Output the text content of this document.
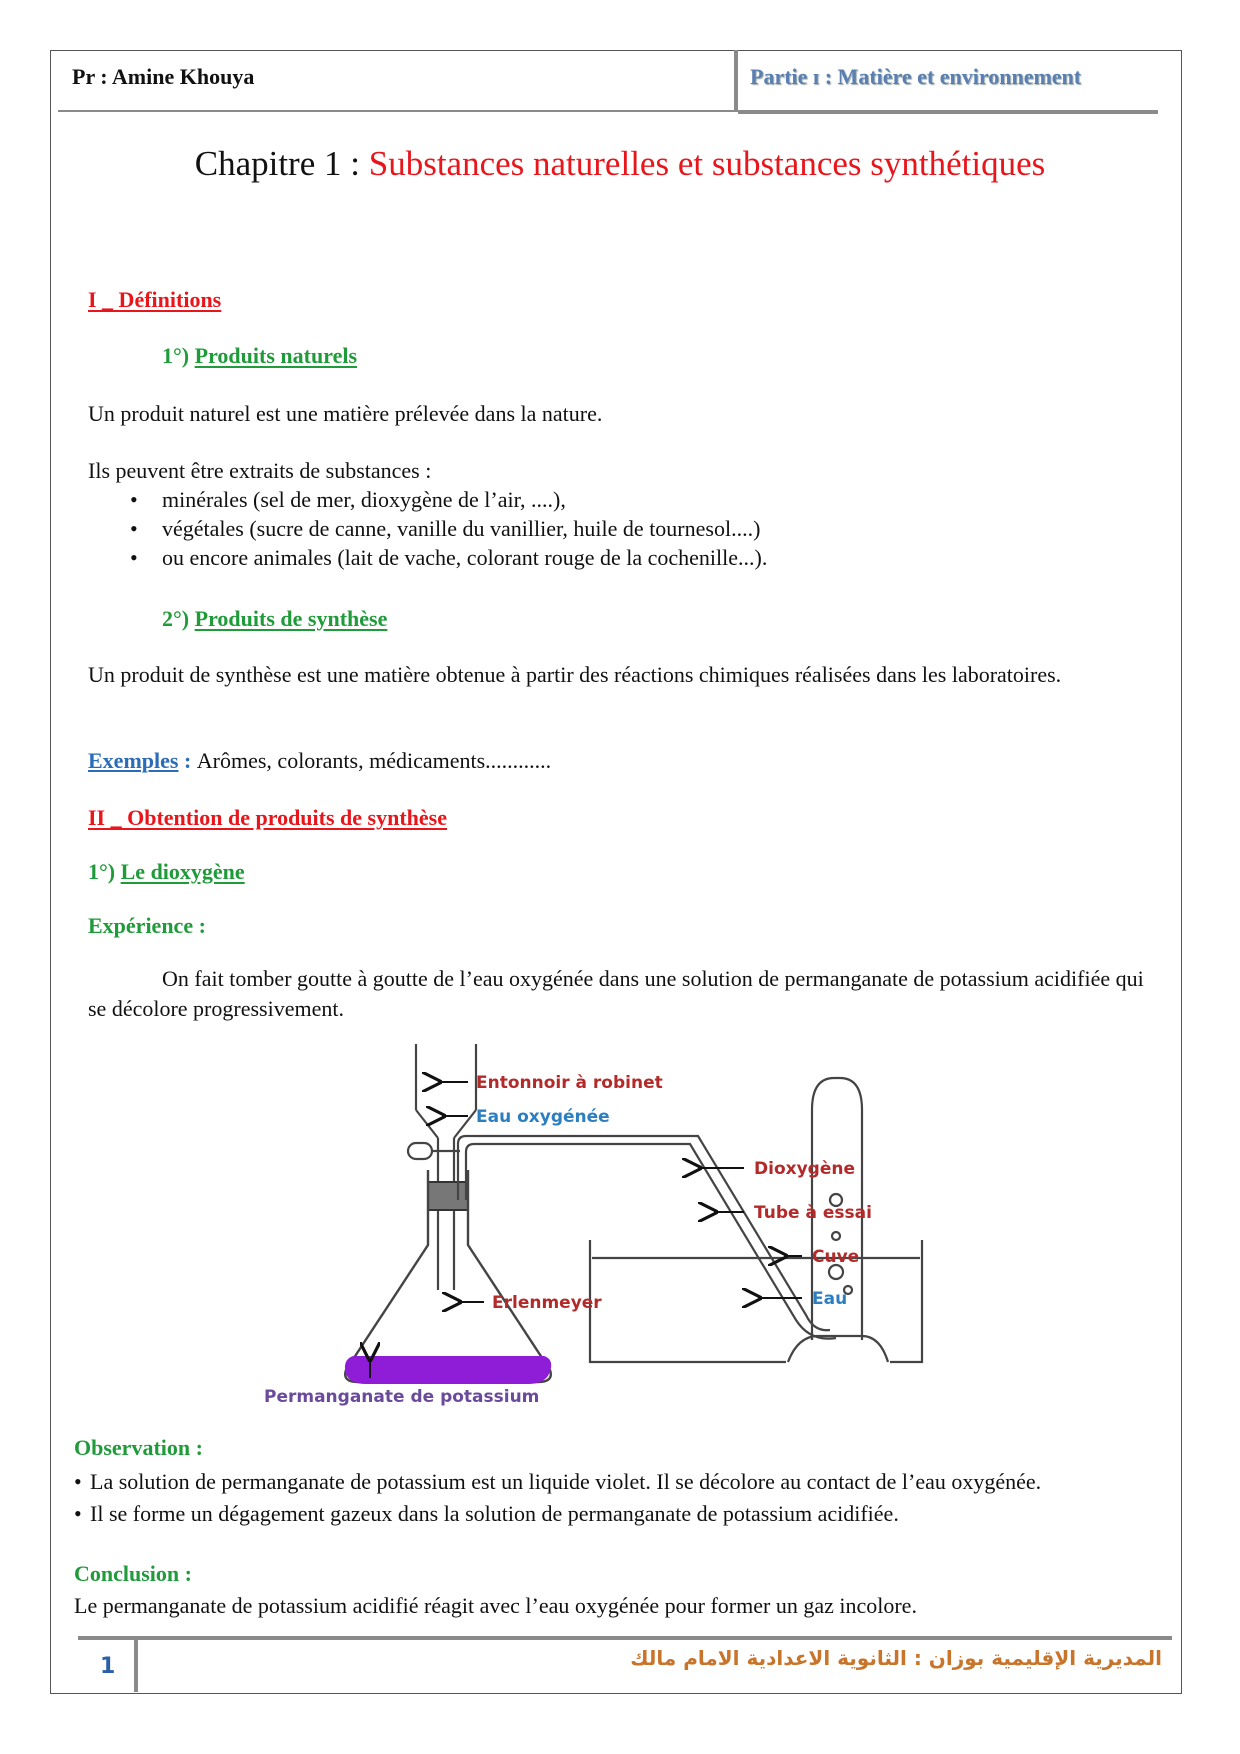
Pr : Amine Khouya	Partie ɪ : Matière et environnement
Chapitre 1 : Substances naturelles et substances synthétiques
I _ Définitions
1°) Produits naturels
Un produit naturel est une matière prélevée dans la nature.
Ils peuvent être extraits de substances :
• minérales (sel de mer, dioxygène de l’air, ....),
• végétales (sucre de canne, vanille du vanillier, huile de tournesol....)
• ou encore animales (lait de vache, colorant rouge de la cochenille...).
2°) Produits de synthèse
Un produit de synthèse est une matière obtenue à partir des réactions chimiques réalisées dans les laboratoires.
Exemples : Arômes, colorants, médicaments............
II _ Obtention de produits de synthèse
1°) Le dioxygène
Expérience :
On fait tomber goutte à goutte de l’eau oxygénée dans une solution de permanganate de potassium acidifiée qui se décolore progressivement.
Entonnoir à robinet
Eau oxygénée
Dioxygène
Tube à essai
Erlenmeyer
Cuve
Eau
Permanganate de potassium
Observation :
• La solution de permanganate de potassium est un liquide violet. Il se décolore au contact de l’eau oxygénée.
• Il se forme un dégagement gazeux dans la solution de permanganate de potassium acidifiée.
Conclusion :
Le permanganate de potassium acidifié réagit avec l’eau oxygénée pour former un gaz incolore.
1	المديرية الإقليمية بوزان : الثانوية الاعدادية الامام مالك
